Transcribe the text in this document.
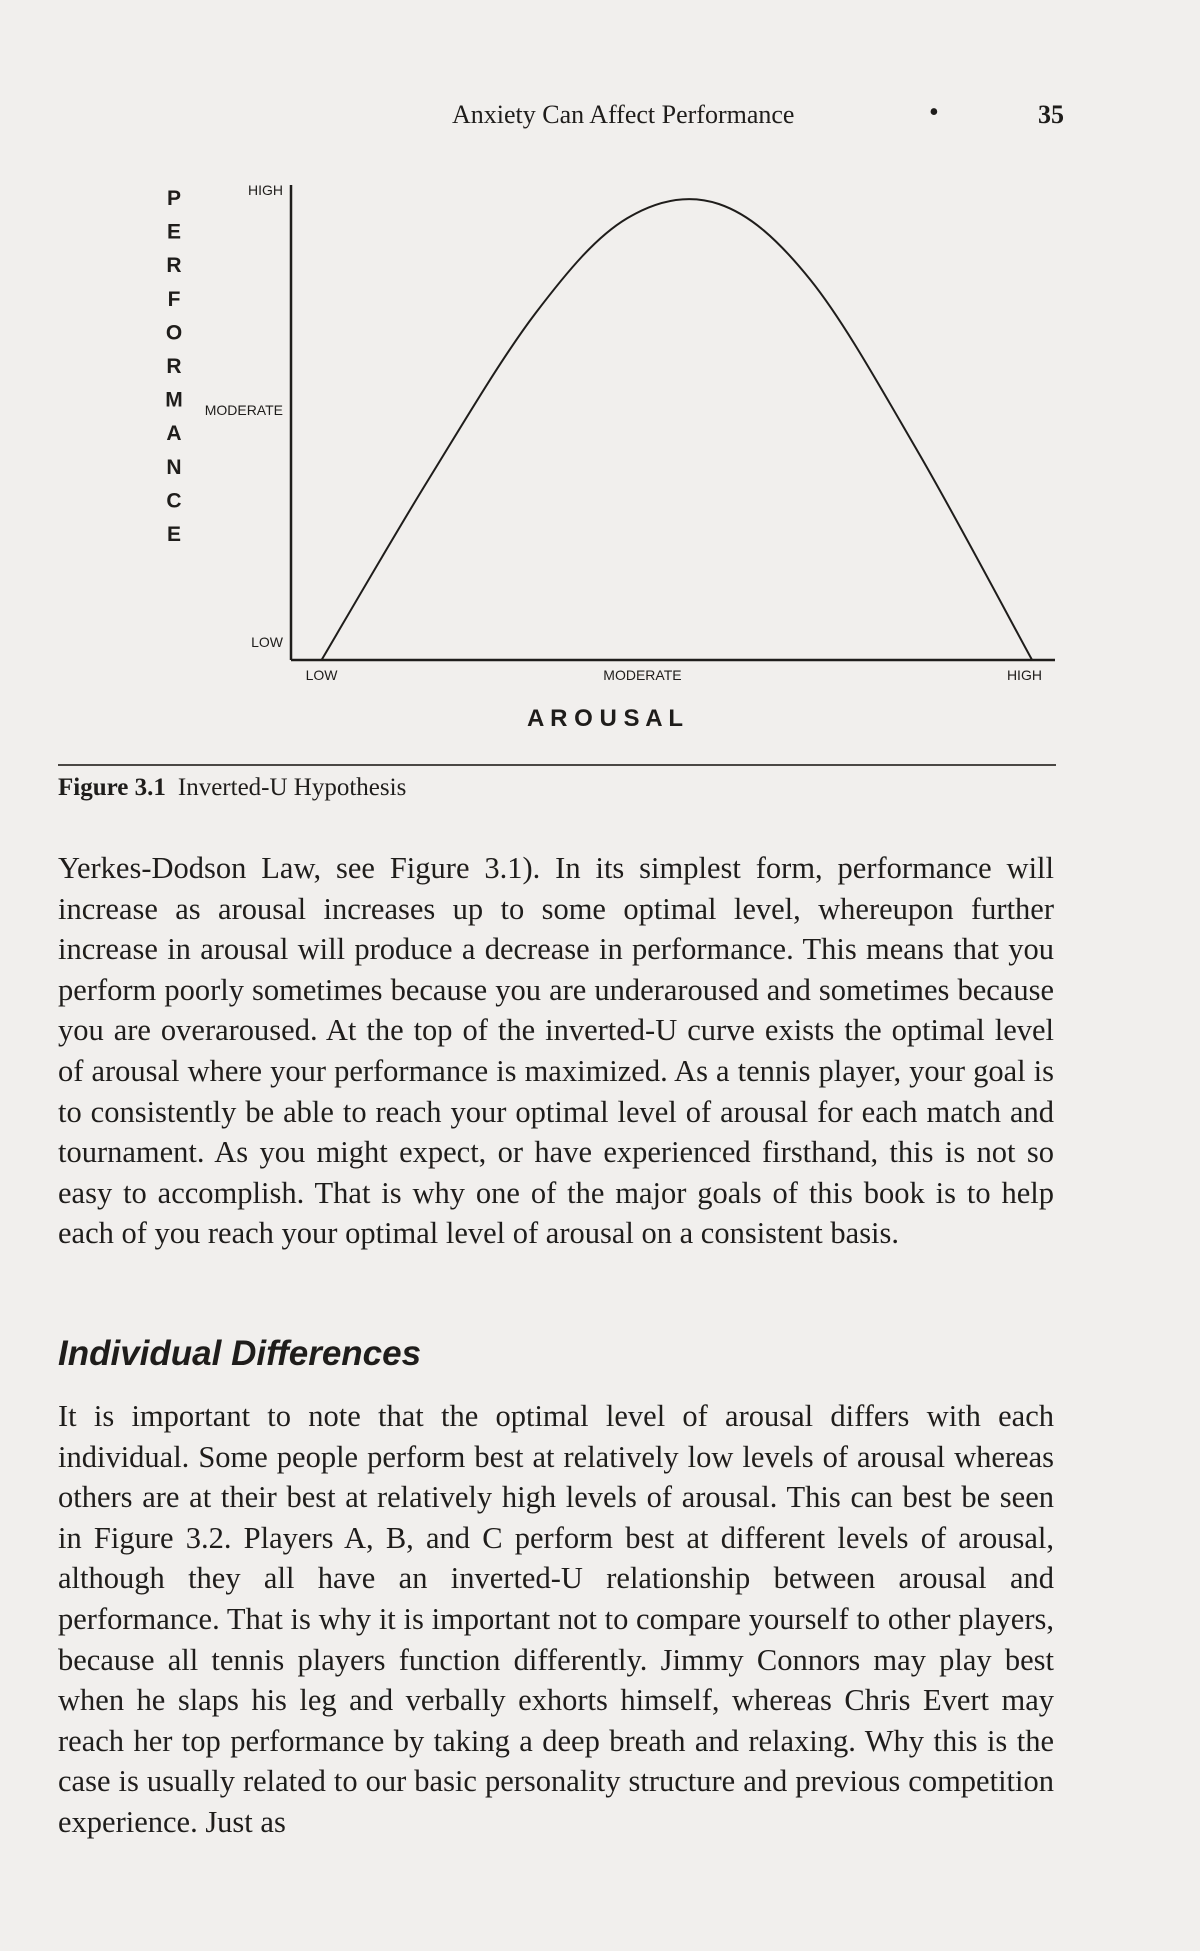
Anxiety Can Affect Performance	•	35
LOW
MODERATE
HIGH
LOW	MODERATE	HIGH
A R O U S A L
P
E
R
F
O
R
M
A
N
C
E
Figure 3.1 Inverted-U Hypothesis

Yerkes-Dodson Law, see Figure 3.1). In its simplest form, performance will increase as arousal increases up to some optimal level, whereupon further increase in arousal will produce a decrease in performance. This means that you perform poorly sometimes because you are underaroused and sometimes because you are overaroused. At the top of the inverted-U curve exists the optimal level of arousal where your performance is maximized. As a tennis player, your goal is to consistently be able to reach your optimal level of arousal for each match and tournament. As you might expect, or have experienced firsthand, this is not so easy to accomplish. That is why one of the major goals of this book is to help each of you reach your optimal level of arousal on a consistent basis.

Individual Differences

It is important to note that the optimal level of arousal differs with each individual. Some people perform best at relatively low levels of arousal whereas others are at their best at relatively high levels of arousal. This can best be seen in Figure 3.2. Players A, B, and C perform best at different levels of arousal, although they all have an inverted-U relationship between arousal and performance. That is why it is important not to compare yourself to other players, because all tennis players function differently. Jimmy Connors may play best when he slaps his leg and verbally exhorts himself, whereas Chris Evert may reach her top performance by taking a deep breath and relaxing. Why this is the case is usually related to our basic personality structure and previous competition experience. Just as
